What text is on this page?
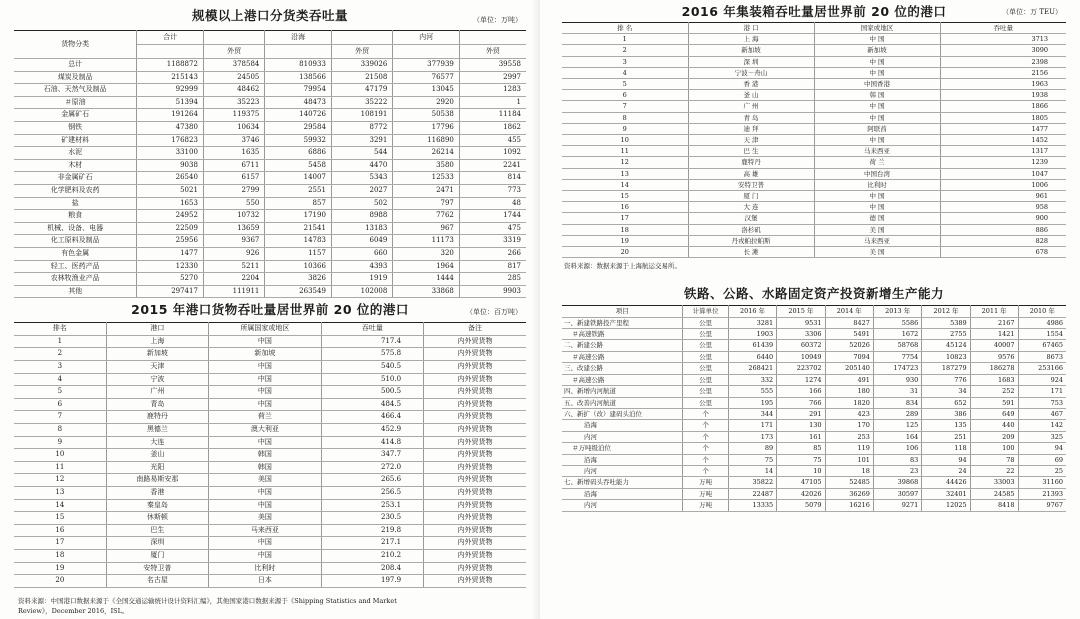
规模以上港口分货类吞吐量	（单位：万吨）
货物分类	合计		沿海		内河	
		外贸		外贸		外贸
总计	1188872	378584	810933	339026	377939	39558
煤炭及制品	215143	24505	138566	21508	76577	2997
石油、天然气及制品	92999	48462	79954	47179	13045	1283
＃原油	51394	35223	48473	35222	2920	1
金属矿石	191264	119375	140726	108191	50538	11184
钢铁	47380	10634	29584	8772	17796	1862
矿建材料	176823	3746	59932	3291	116890	455
水泥	33100	1635	6886	544	26214	1092
木材	9038	6711	5458	4470	3580	2241
非金属矿石	26540	6157	14007	5343	12533	814
化学肥料及农药	5021	2799	2551	2027	2471	773
盐	1653	550	857	502	797	48
粮食	24952	10732	17190	8988	7762	1744
机械、设备、电器	22509	13659	21541	13183	967	475
化工原料及制品	25956	9367	14783	6049	11173	3319
有色金属	1477	926	1157	660	320	266
轻工、医药产品	12330	5211	10366	4393	1964	817
农林牧渔业产品	5270	2204	3826	1919	1444	285
其他	297417	111911	263549	102008	33868	9903
2015 年港口货物吞吐量居世界前 20 位的港口	（单位：百万吨）
排名	港口	所属国家或地区	吞吐量	备注
1	上海	中国	717.4	内外贸货物
2	新加坡	新加坡	575.8	内外贸货物
3	天津	中国	540.5	内外贸货物
4	宁波	中国	510.0	内外贸货物
5	广州	中国	500.5	内外贸货物
6	青岛	中国	484.5	内外贸货物
7	鹿特丹	荷兰	466.4	内外贸货物
8	黑德兰	澳大利亚	452.9	内外贸货物
9	大连	中国	414.8	内外贸货物
10	釜山	韩国	347.7	内外贸货物
11	光阳	韩国	272.0	内外贸货物
12	南路易斯安那	美国	265.6	内外贸货物
13	香港	中国	256.5	内外贸货物
14	秦皇岛	中国	253.1	内外贸货物
15	休斯顿	美国	230.5	内外贸货物
16	巴生	马来西亚	219.8	内外贸货物
17	深圳	中国	217.1	内外贸货物
18	厦门	中国	210.2	内外贸货物
19	安特卫普	比利时	208.4	内外贸货物
20	名古屋	日本	197.9	内外贸货物
资料来源：中国港口数据来源于《全国交通运输统计设计资料汇编》，其他国家港口数据来源于《Shipping Statistics and Market
Review》，December 2016，ISL。
2016 年集装箱吞吐量居世界前 20 位的港口	（单位：万 TEU）
排 名	港 口	国家或地区	吞吐量
1	上 海	中 国	3713
2	新加坡	新加坡	3090
3	深 圳	中 国	2398
4	宁波－舟山	中 国	2156
5	香 港	中国香港	1963
6	釜 山	韩 国	1938
7	广 州	中 国	1866
8	青 岛	中 国	1805
9	迪 拜	阿联酋	1477
10	天 津	中 国	1452
11	巴 生	马来西亚	1317
12	鹿特丹	荷 兰	1239
13	高 雄	中国台湾	1047
14	安特卫普	比利时	1006
15	厦 门	中 国	961
16	大 连	中 国	958
17	汉堡	德 国	900
18	洛杉矶	美 国	886
19	丹戎帕拉帕斯	马来西亚	828
20	长 滩	美 国	678
资料来源：数据来源于上海航运交易所。
铁路、公路、水路固定资产投资新增生产能力
项目	计算单位	2016 年	2015 年	2014 年	2013 年	2012 年	2011 年	2010 年
一、新建铁路投产里程	公里	3281	9531	8427	5586	5389	2167	4986
＃高速铁路	公里	1903	3306	5491	1672	2755	1421	1554
二、新建公路	公里	61439	60372	52026	58768	45124	40007	67465
＃高速公路	公里	6440	10949	7094	7754	10823	9576	8673
三、改建公路	公里	268421	223702	205140	174723	187279	186278	253166
＃高速公路	公里	332	1274	491	930	776	1683	924
四、新增内河航道	公里	555	166	180	31	34	252	171
五、改善内河航道	公里	195	766	1820	834	652	591	753
六、新扩（改）建码头泊位	个	344	291	423	289	386	649	467
沿海	个	171	130	170	125	135	440	142
内河	个	173	161	253	164	251	209	325
＃万吨级泊位	个	89	85	119	106	118	100	94
沿海	个	75	75	101	83	94	78	69
内河	个	14	10	18	23	24	22	25
七、新增码头吞吐能力	万吨	35822	47105	52485	39868	44426	33003	31160
沿海	万吨	22487	42026	36269	30597	32401	24585	21393
内河	万吨	13335	5079	16216	9271	12025	8418	9767
